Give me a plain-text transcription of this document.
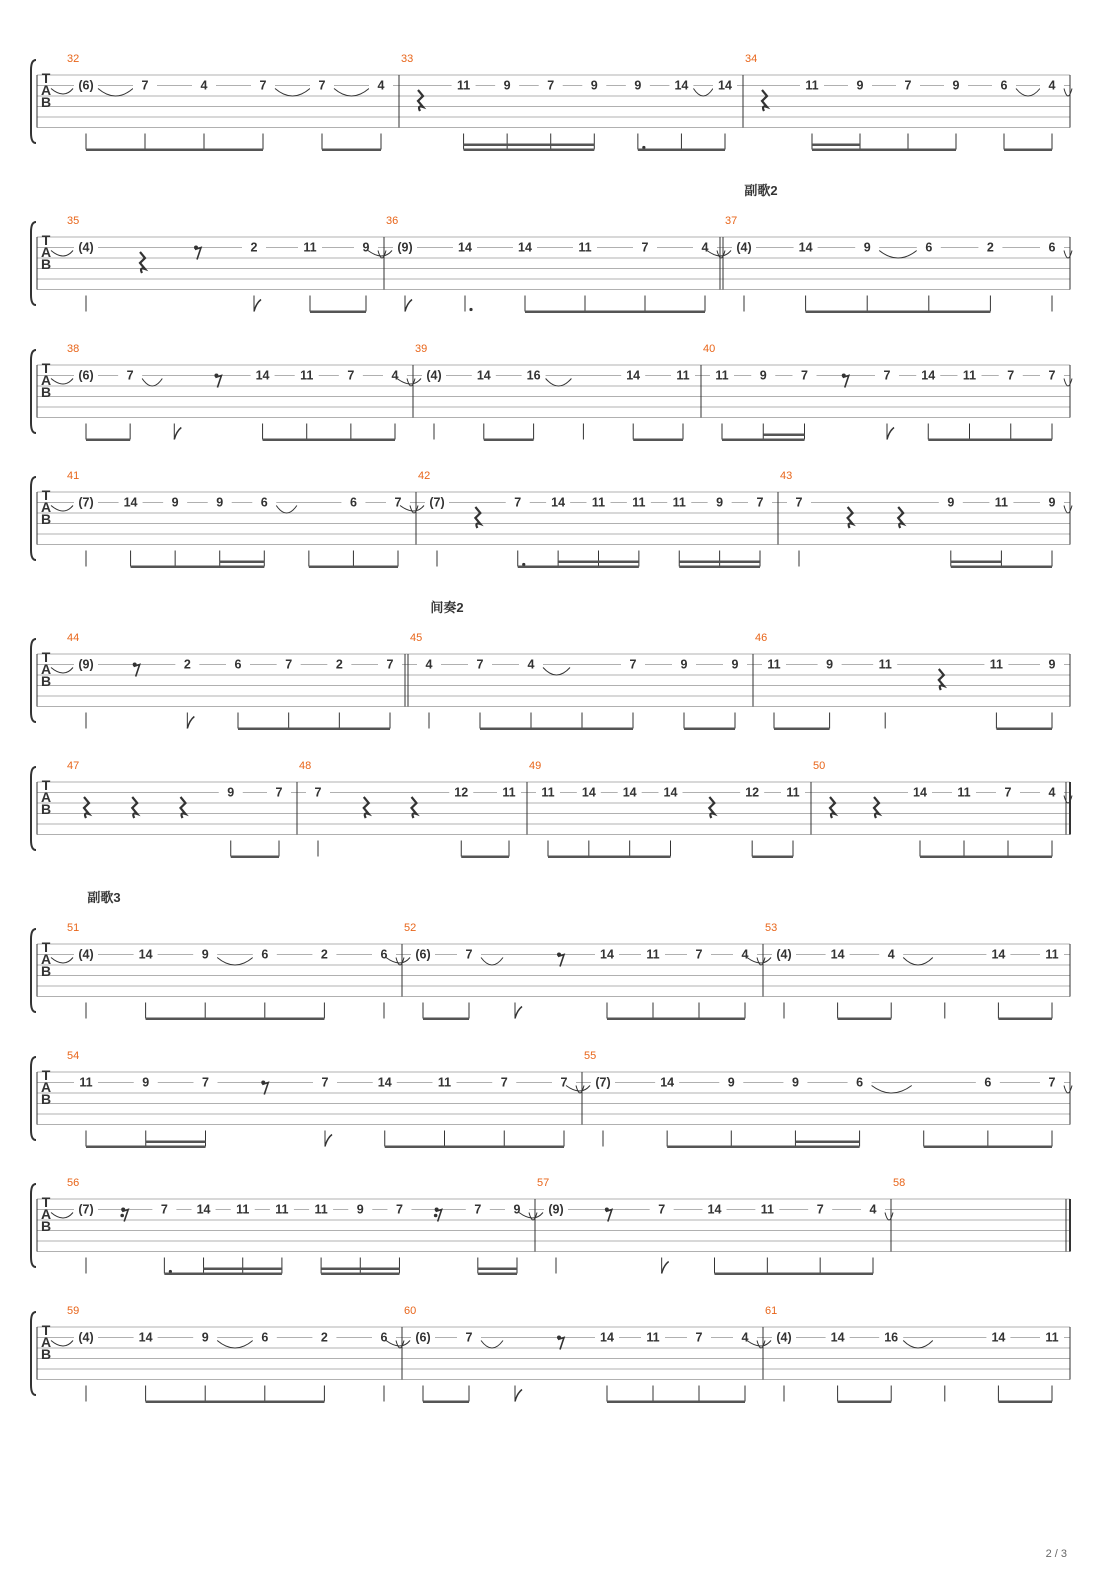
T
A
B
32
(6)	7	4	7	7	4
33
11	9	7	9	9	14 14
34
11	9	7	9	6	4
T
A
B
副歌2
35
(4)	2	11	9
36
(9)	14	14	11	7	4
37
(4)	14	9	6	2	6
T
A
B
38
(6)	7	14 11	7	4
39
(4)	14	16	14	11
40
11 9	7	7 14 11 7	7
T
A
B
41
(7) 14	9	9	6	6	7
42
(7)	7 14 11 11 11 9	7
43
7	9	11	9
T
A
B
间奏2
44
(9)	2	6	7	2	7
45
4	7	4	7	9	9
46
11	9	11	11	9
T
A
B
47
9	7
48
7	12	11
49
11 14 14 14	12 11
50
14 11	7	4
T
A
B
副歌3
51
(4)	14	9	6	2	6
52
(6)	7	14	11	7	4
53
(4)	14	4	14	11
T
A
B
54
11	9	7	7	14	11	7	7
55
(7)	14	9	9	6	6	7
T
A
B
56
(7)	7 14 11 11 11 9	7	7	9
57
(9)	7	14	11	7	4
58
T
A
B
59
(4)	14	9	6	2	6
60
(6)	7	14	11	7	4
61
(4)	14	16	14	11
2 / 3
